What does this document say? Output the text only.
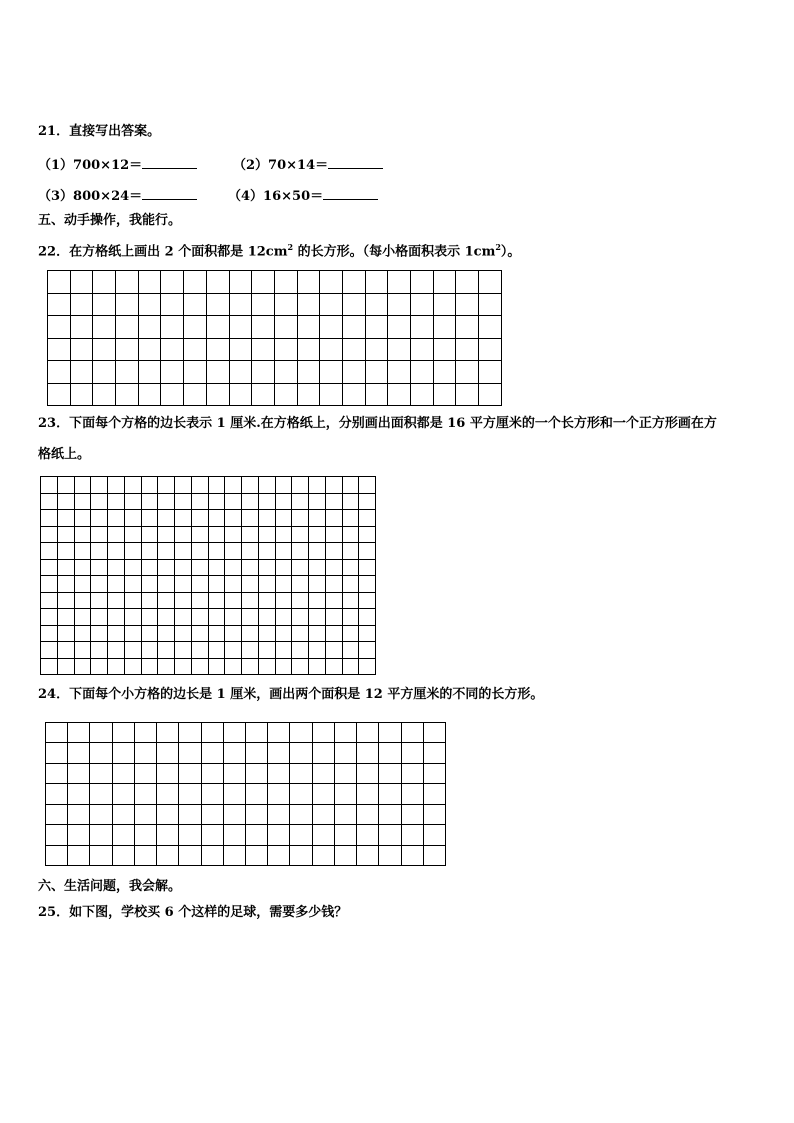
21．直接写出答案。
（1）700×12＝	（2）70×14＝
（3）800×24＝	（4）16×50＝
五、动手操作，我能行。
22．在方格纸上画出 2 个面积都是 $12cm^2$ 的长方形。（每小格面积表示 $1cm^2$）。

23．下面每个方格的边长表示 1 厘米.在方格纸上，分别画出面积都是 16 平方厘米的一个长方形和一个正方形画在方
格纸上。

24．下面每个小方格的边长是 1 厘米，画出两个面积是 12 平方厘米的不同的长方形。

六、生活问题，我会解。
25．如下图，学校买 6 个这样的足球，需要多少钱？
